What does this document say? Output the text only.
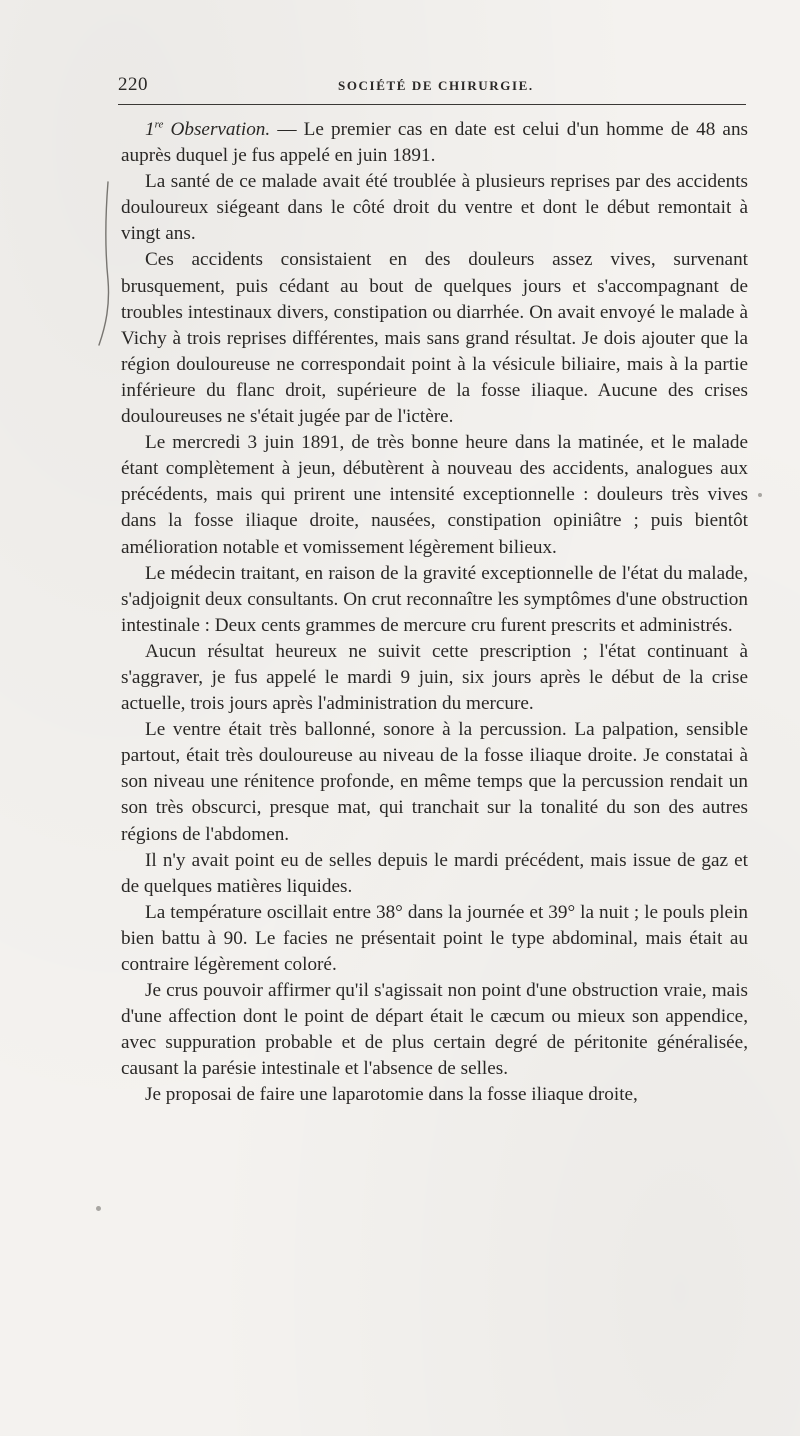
220	SOCIÉTÉ DE CHIRURGIE.

1re Observation. — Le premier cas en date est celui d'un homme de 48 ans auprès duquel je fus appelé en juin 1891.

La santé de ce malade avait été troublée à plusieurs reprises par des accidents douloureux siégeant dans le côté droit du ventre et dont le début remontait à vingt ans.

Ces accidents consistaient en des douleurs assez vives, survenant brusquement, puis cédant au bout de quelques jours et s'accompagnant de troubles intestinaux divers, constipation ou diarrhée. On avait envoyé le malade à Vichy à trois reprises différentes, mais sans grand résultat. Je dois ajouter que la région douloureuse ne correspondait point à la vésicule biliaire, mais à la partie inférieure du flanc droit, supérieure de la fosse iliaque. Aucune des crises douloureuses ne s'était jugée par de l'ictère.

Le mercredi 3 juin 1891, de très bonne heure dans la matinée, et le malade étant complètement à jeun, débutèrent à nouveau des accidents, analogues aux précédents, mais qui prirent une intensité exceptionnelle : douleurs très vives dans la fosse iliaque droite, nausées, constipation opiniâtre ; puis bientôt amélioration notable et vomissement légèrement bilieux.

Le médecin traitant, en raison de la gravité exceptionnelle de l'état du malade, s'adjoignit deux consultants. On crut reconnaître les symptômes d'une obstruction intestinale : Deux cents grammes de mercure cru furent prescrits et administrés.

Aucun résultat heureux ne suivit cette prescription ; l'état continuant à s'aggraver, je fus appelé le mardi 9 juin, six jours après le début de la crise actuelle, trois jours après l'administration du mercure.

Le ventre était très ballonné, sonore à la percussion. La palpation, sensible partout, était très douloureuse au niveau de la fosse iliaque droite. Je constatai à son niveau une rénitence profonde, en même temps que la percussion rendait un son très obscurci, presque mat, qui tranchait sur la tonalité du son des autres régions de l'abdomen.

Il n'y avait point eu de selles depuis le mardi précédent, mais issue de gaz et de quelques matières liquides.

La température oscillait entre 38° dans la journée et 39° la nuit ; le pouls plein bien battu à 90. Le facies ne présentait point le type abdominal, mais était au contraire légèrement coloré.

Je crus pouvoir affirmer qu'il s'agissait non point d'une obstruction vraie, mais d'une affection dont le point de départ était le cæcum ou mieux son appendice, avec suppuration probable et de plus certain degré de péritonite généralisée, causant la parésie intestinale et l'absence de selles.

Je proposai de faire une laparotomie dans la fosse iliaque droite,
